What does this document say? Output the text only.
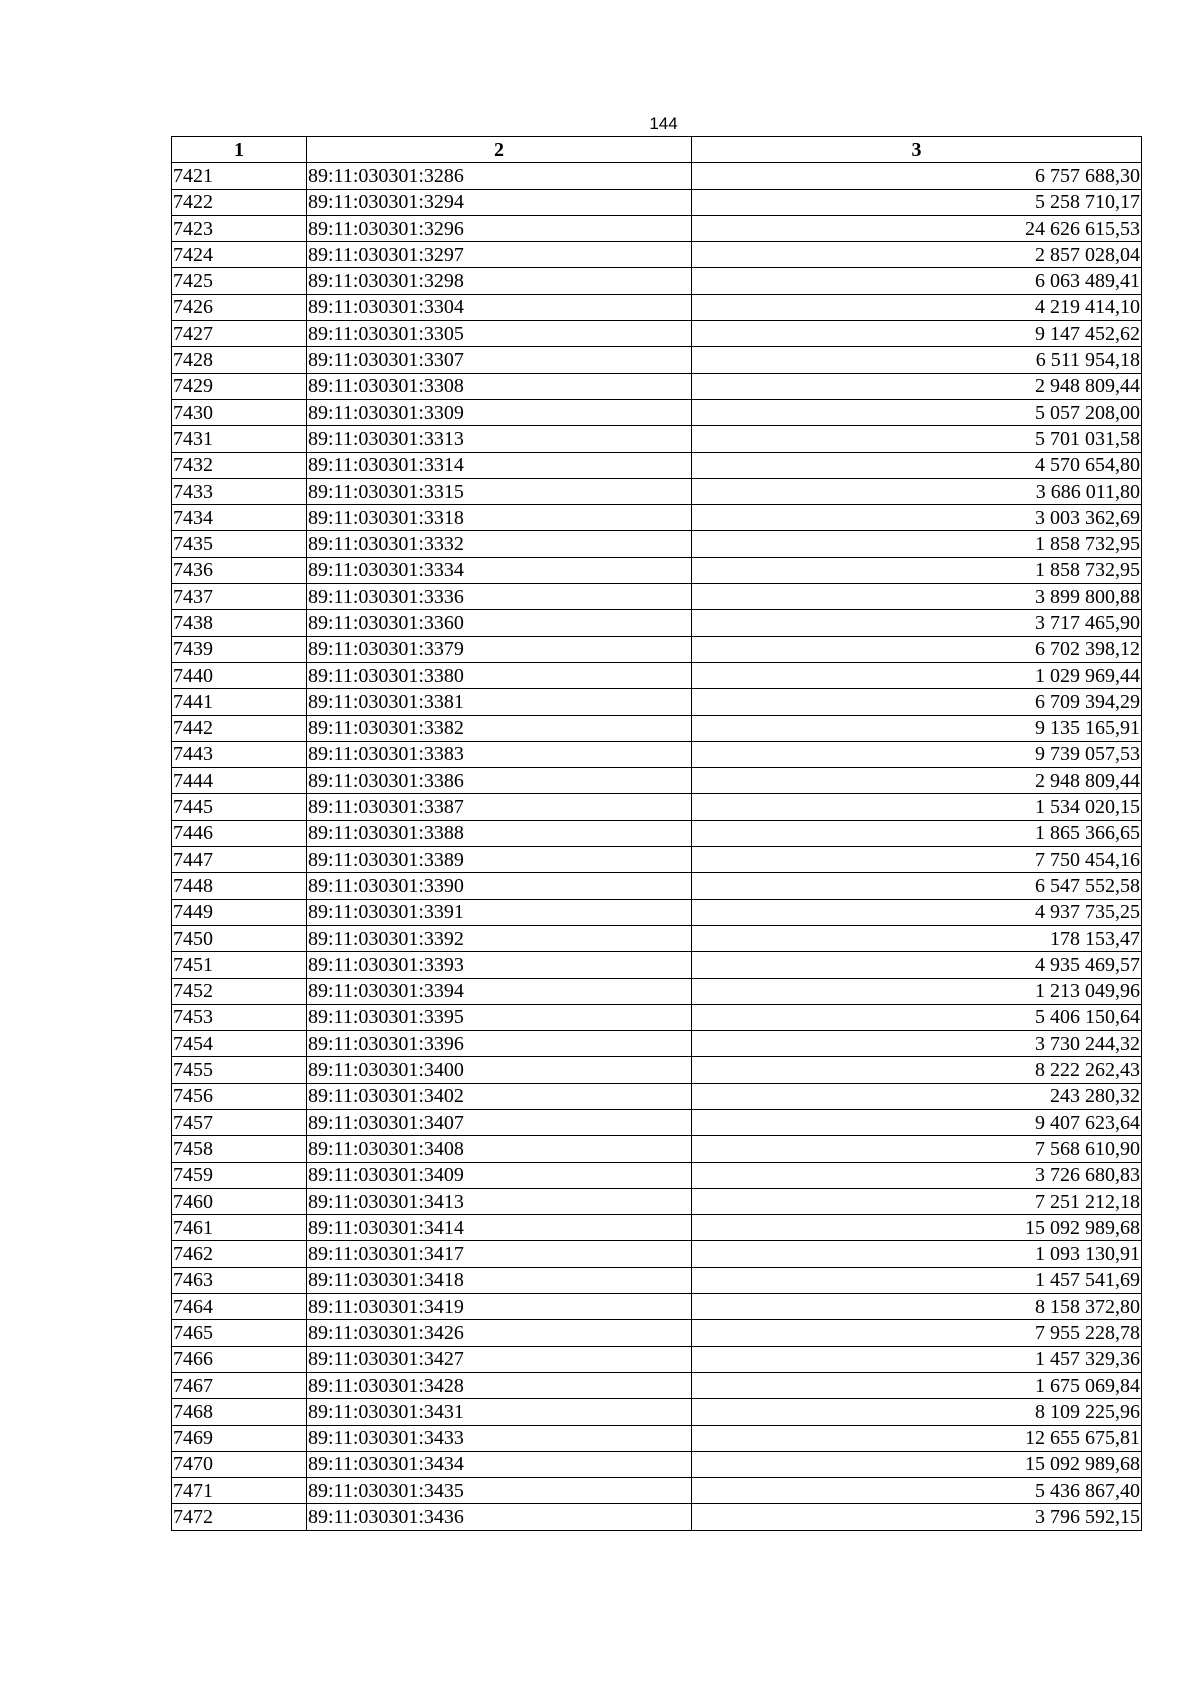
144
1	2	3
7421	89:11:030301:3286	6 757 688,30
7422	89:11:030301:3294	5 258 710,17
7423	89:11:030301:3296	24 626 615,53
7424	89:11:030301:3297	2 857 028,04
7425	89:11:030301:3298	6 063 489,41
7426	89:11:030301:3304	4 219 414,10
7427	89:11:030301:3305	9 147 452,62
7428	89:11:030301:3307	6 511 954,18
7429	89:11:030301:3308	2 948 809,44
7430	89:11:030301:3309	5 057 208,00
7431	89:11:030301:3313	5 701 031,58
7432	89:11:030301:3314	4 570 654,80
7433	89:11:030301:3315	3 686 011,80
7434	89:11:030301:3318	3 003 362,69
7435	89:11:030301:3332	1 858 732,95
7436	89:11:030301:3334	1 858 732,95
7437	89:11:030301:3336	3 899 800,88
7438	89:11:030301:3360	3 717 465,90
7439	89:11:030301:3379	6 702 398,12
7440	89:11:030301:3380	1 029 969,44
7441	89:11:030301:3381	6 709 394,29
7442	89:11:030301:3382	9 135 165,91
7443	89:11:030301:3383	9 739 057,53
7444	89:11:030301:3386	2 948 809,44
7445	89:11:030301:3387	1 534 020,15
7446	89:11:030301:3388	1 865 366,65
7447	89:11:030301:3389	7 750 454,16
7448	89:11:030301:3390	6 547 552,58
7449	89:11:030301:3391	4 937 735,25
7450	89:11:030301:3392	178 153,47
7451	89:11:030301:3393	4 935 469,57
7452	89:11:030301:3394	1 213 049,96
7453	89:11:030301:3395	5 406 150,64
7454	89:11:030301:3396	3 730 244,32
7455	89:11:030301:3400	8 222 262,43
7456	89:11:030301:3402	243 280,32
7457	89:11:030301:3407	9 407 623,64
7458	89:11:030301:3408	7 568 610,90
7459	89:11:030301:3409	3 726 680,83
7460	89:11:030301:3413	7 251 212,18
7461	89:11:030301:3414	15 092 989,68
7462	89:11:030301:3417	1 093 130,91
7463	89:11:030301:3418	1 457 541,69
7464	89:11:030301:3419	8 158 372,80
7465	89:11:030301:3426	7 955 228,78
7466	89:11:030301:3427	1 457 329,36
7467	89:11:030301:3428	1 675 069,84
7468	89:11:030301:3431	8 109 225,96
7469	89:11:030301:3433	12 655 675,81
7470	89:11:030301:3434	15 092 989,68
7471	89:11:030301:3435	5 436 867,40
7472	89:11:030301:3436	3 796 592,15
